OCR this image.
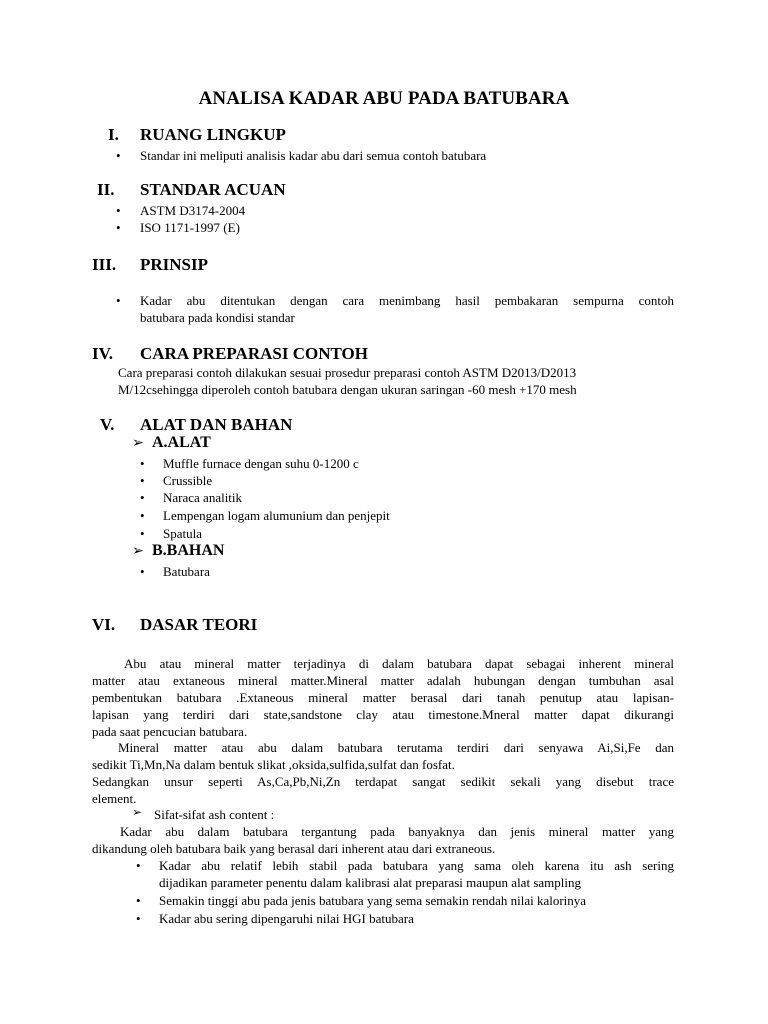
ANALISA KADAR ABU PADA BATUBARA
I. RUANG LINGKUP
• Standar ini meliputi analisis kadar abu dari semua contoh batubara
II. STANDAR ACUAN
• ASTM D3174-2004
• ISO 1171-1997 (E)
III. PRINSIP
• Kadar abu ditentukan dengan cara menimbang hasil pembakaran sempurna contoh
batubara pada kondisi standar
IV. CARA PREPARASI CONTOH
Cara preparasi contoh dilakukan sesuai prosedur preparasi contoh ASTM D2013/D2013
M/12csehingga diperoleh contoh batubara dengan ukuran saringan -60 mesh +170 mesh
V. ALAT DAN BAHAN
➢ A.ALAT
• Muffle furnace dengan suhu 0-1200 c
• Crussible
• Naraca analitik
• Lempengan logam alumunium dan penjepit
• Spatula
➢ B.BAHAN
• Batubara
VI. DASAR TEORI
Abu atau mineral matter terjadinya di dalam batubara dapat sebagai inherent mineral
matter atau extaneous mineral matter.Mineral matter adalah hubungan dengan tumbuhan asal
pembentukan batubara .Extaneous mineral matter berasal dari tanah penutup atau lapisan-
lapisan yang terdiri dari state,sandstone clay atau timestone.Mneral matter dapat dikurangi
pada saat pencucian batubara.
Mineral matter atau abu dalam batubara terutama terdiri dari senyawa Ai,Si,Fe dan
sedikit Ti,Mn,Na dalam bentuk slikat ,oksida,sulfida,sulfat dan fosfat.
Sedangkan unsur seperti As,Ca,Pb,Ni,Zn terdapat sangat sedikit sekali yang disebut trace
element.
➢ Sifat-sifat ash content :
Kadar abu dalam batubara tergantung pada banyaknya dan jenis mineral matter yang
dikandung oleh batubara baik yang berasal dari inherent atau dari extraneous.
• Kadar abu relatif lebih stabil pada batubara yang sama oleh karena itu ash sering
dijadikan parameter penentu dalam kalibrasi alat preparasi maupun alat sampling
• Semakin tinggi abu pada jenis batubara yang sema semakin rendah nilai kalorinya
• Kadar abu sering dipengaruhi nilai HGI batubara
